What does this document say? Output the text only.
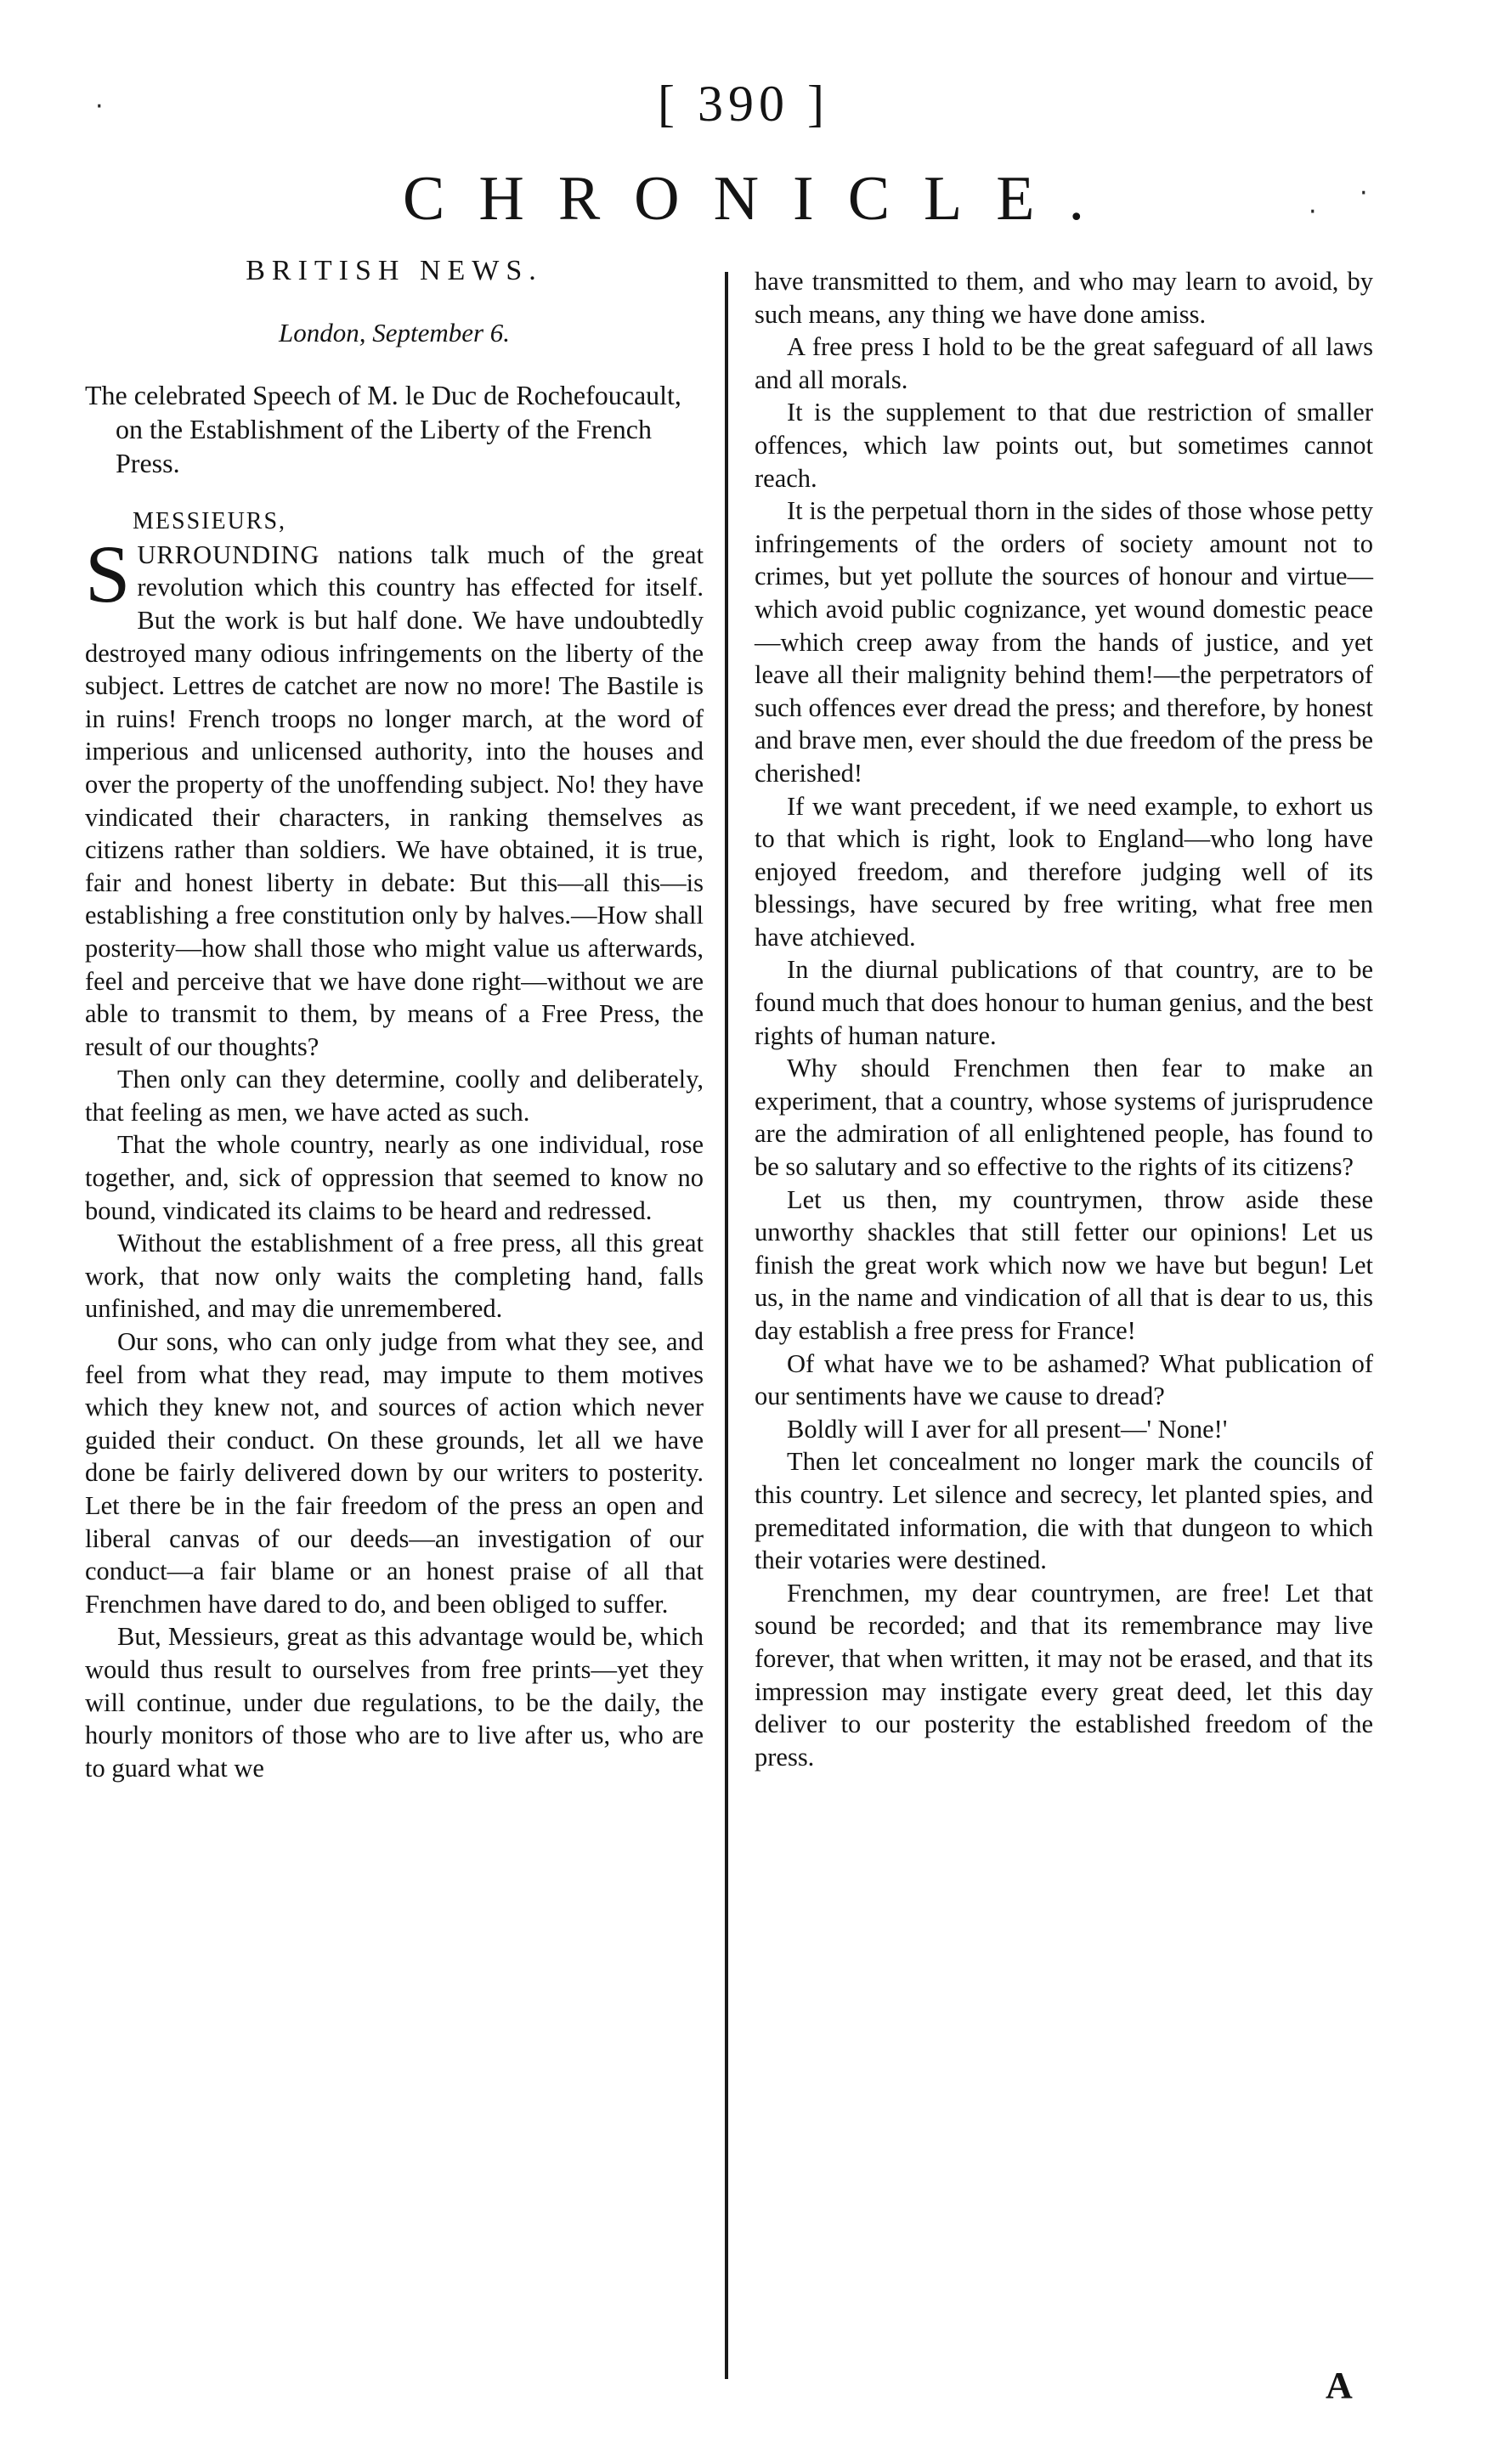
[ 390 ]
CHRONICLE.
·
·
·
BRITISH NEWS.
London, September 6.
The celebrated Speech of M. le Duc de Rochefoucault, on the Establishment of the Liberty of the French Press.
MESSIEURS,

SURROUNDING nations talk much of the great revolution which this country has effected for itself. But the work is but half done. We have undoubtedly destroyed many odious infringements on the liberty of the subject. Lettres de catchet are now no more! The Bastile is in ruins! French troops no longer march, at the word of imperious and unlicensed authority, into the houses and over the property of the unoffending subject. No! they have vindicated their characters, in ranking themselves as citizens rather than soldiers. We have obtained, it is true, fair and honest liberty in debate: But this—all this—is establishing a free constitution only by halves.—How shall posterity—how shall those who might value us afterwards, feel and perceive that we have done right—without we are able to transmit to them, by means of a Free Press, the result of our thoughts?

Then only can they determine, coolly and deliberately, that feeling as men, we have acted as such.

That the whole country, nearly as one individual, rose together, and, sick of oppression that seemed to know no bound, vindicated its claims to be heard and redressed.

Without the establishment of a free press, all this great work, that now only waits the completing hand, falls unfinished, and may die unremembered.

Our sons, who can only judge from what they see, and feel from what they read, may impute to them motives which they knew not, and sources of action which never guided their conduct. On these grounds, let all we have done be fairly delivered down by our writers to posterity. Let there be in the fair freedom of the press an open and liberal canvas of our deeds—an investigation of our conduct—a fair blame or an honest praise of all that Frenchmen have dared to do, and been obliged to suffer.

But, Messieurs, great as this advantage would be, which would thus result to ourselves from free prints—yet they will continue, under due regulations, to be the daily, the hourly monitors of those who are to live after us, who are to guard what we

have transmitted to them, and who may learn to avoid, by such means, any thing we have done amiss.

A free press I hold to be the great safeguard of all laws and all morals.

It is the supplement to that due restriction of smaller offences, which law points out, but sometimes cannot reach.

It is the perpetual thorn in the sides of those whose petty infringements of the orders of society amount not to crimes, but yet pollute the sources of honour and virtue—which avoid public cognizance, yet wound domestic peace—which creep away from the hands of justice, and yet leave all their malignity behind them!—the perpetrators of such offences ever dread the press; and therefore, by honest and brave men, ever should the due freedom of the press be cherished!

If we want precedent, if we need example, to exhort us to that which is right, look to England—who long have enjoyed freedom, and therefore judging well of its blessings, have secured by free writing, what free men have atchieved.

In the diurnal publications of that country, are to be found much that does honour to human genius, and the best rights of human nature.

Why should Frenchmen then fear to make an experiment, that a country, whose systems of jurisprudence are the admiration of all enlightened people, has found to be so salutary and so effective to the rights of its citizens?

Let us then, my countrymen, throw aside these unworthy shackles that still fetter our opinions! Let us finish the great work which now we have but begun! Let us, in the name and vindication of all that is dear to us, this day establish a free press for France!

Of what have we to be ashamed? What publication of our sentiments have we cause to dread?

Boldly will I aver for all present—' None!'

Then let concealment no longer mark the councils of this country. Let silence and secrecy, let planted spies, and premeditated information, die with that dungeon to which their votaries were destined.

Frenchmen, my dear countrymen, are free! Let that sound be recorded; and that its remembrance may live forever, that when written, it may not be erased, and that its impression may instigate every great deed, let this day deliver to our posterity the established freedom of the press.

A
